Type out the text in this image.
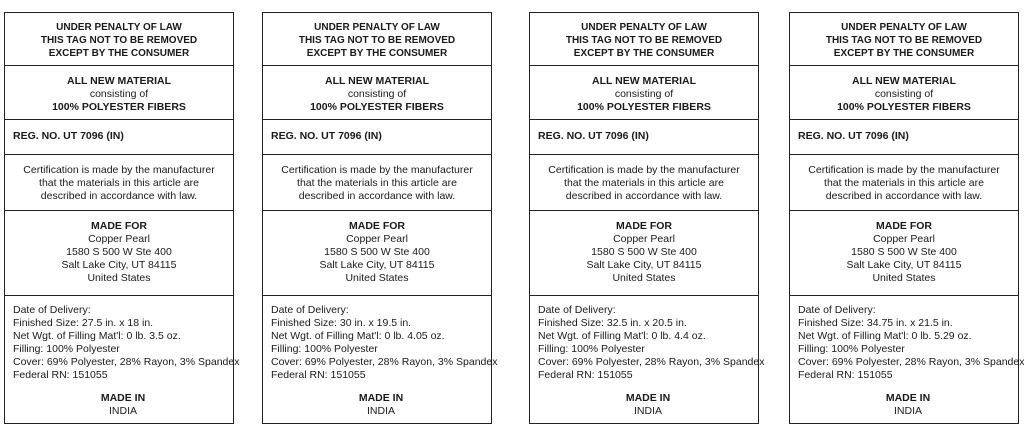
UNDER PENALTY OF LAW
THIS TAG NOT TO BE REMOVED
EXCEPT BY THE CONSUMER
ALL NEW MATERIAL
consisting of
100% POLYESTER FIBERS
REG. NO. UT 7096 (IN)
Certification is made by the manufacturer
that the materials in this article are
described in accordance with law.
MADE FOR
Copper Pearl
1580 S 500 W Ste 400
Salt Lake City, UT 84115
United States
Date of Delivery:
Finished Size: 27.5 in. x 18 in.
Net Wgt. of Filling Mat'l: 0 lb. 3.5 oz.
Filling: 100% Polyester
Cover: 69% Polyester, 28% Rayon, 3% Spandex
Federal RN: 151055
MADE IN
INDIA
UNDER PENALTY OF LAW
THIS TAG NOT TO BE REMOVED
EXCEPT BY THE CONSUMER
ALL NEW MATERIAL
consisting of
100% POLYESTER FIBERS
REG. NO. UT 7096 (IN)
Certification is made by the manufacturer
that the materials in this article are
described in accordance with law.
MADE FOR
Copper Pearl
1580 S 500 W Ste 400
Salt Lake City, UT 84115
United States
Date of Delivery:
Finished Size: 30 in. x 19.5 in.
Net Wgt. of Filling Mat'l: 0 lb. 4.05 oz.
Filling: 100% Polyester
Cover: 69% Polyester, 28% Rayon, 3% Spandex
Federal RN: 151055
MADE IN
INDIA
UNDER PENALTY OF LAW
THIS TAG NOT TO BE REMOVED
EXCEPT BY THE CONSUMER
ALL NEW MATERIAL
consisting of
100% POLYESTER FIBERS
REG. NO. UT 7096 (IN)
Certification is made by the manufacturer
that the materials in this article are
described in accordance with law.
MADE FOR
Copper Pearl
1580 S 500 W Ste 400
Salt Lake City, UT 84115
United States
Date of Delivery:
Finished Size: 32.5 in. x 20.5 in.
Net Wgt. of Filling Mat'l: 0 lb. 4.4 oz.
Filling: 100% Polyester
Cover: 69% Polyester, 28% Rayon, 3% Spandex
Federal RN: 151055
MADE IN
INDIA
UNDER PENALTY OF LAW
THIS TAG NOT TO BE REMOVED
EXCEPT BY THE CONSUMER
ALL NEW MATERIAL
consisting of
100% POLYESTER FIBERS
REG. NO. UT 7096 (IN)
Certification is made by the manufacturer
that the materials in this article are
described in accordance with law.
MADE FOR
Copper Pearl
1580 S 500 W Ste 400
Salt Lake City, UT 84115
United States
Date of Delivery:
Finished Size: 34.75 in. x 21.5 in.
Net Wgt. of Filling Mat'l: 0 lb. 5.29 oz.
Filling: 100% Polyester
Cover: 69% Polyester, 28% Rayon, 3% Spandex
Federal RN: 151055
MADE IN
INDIA
